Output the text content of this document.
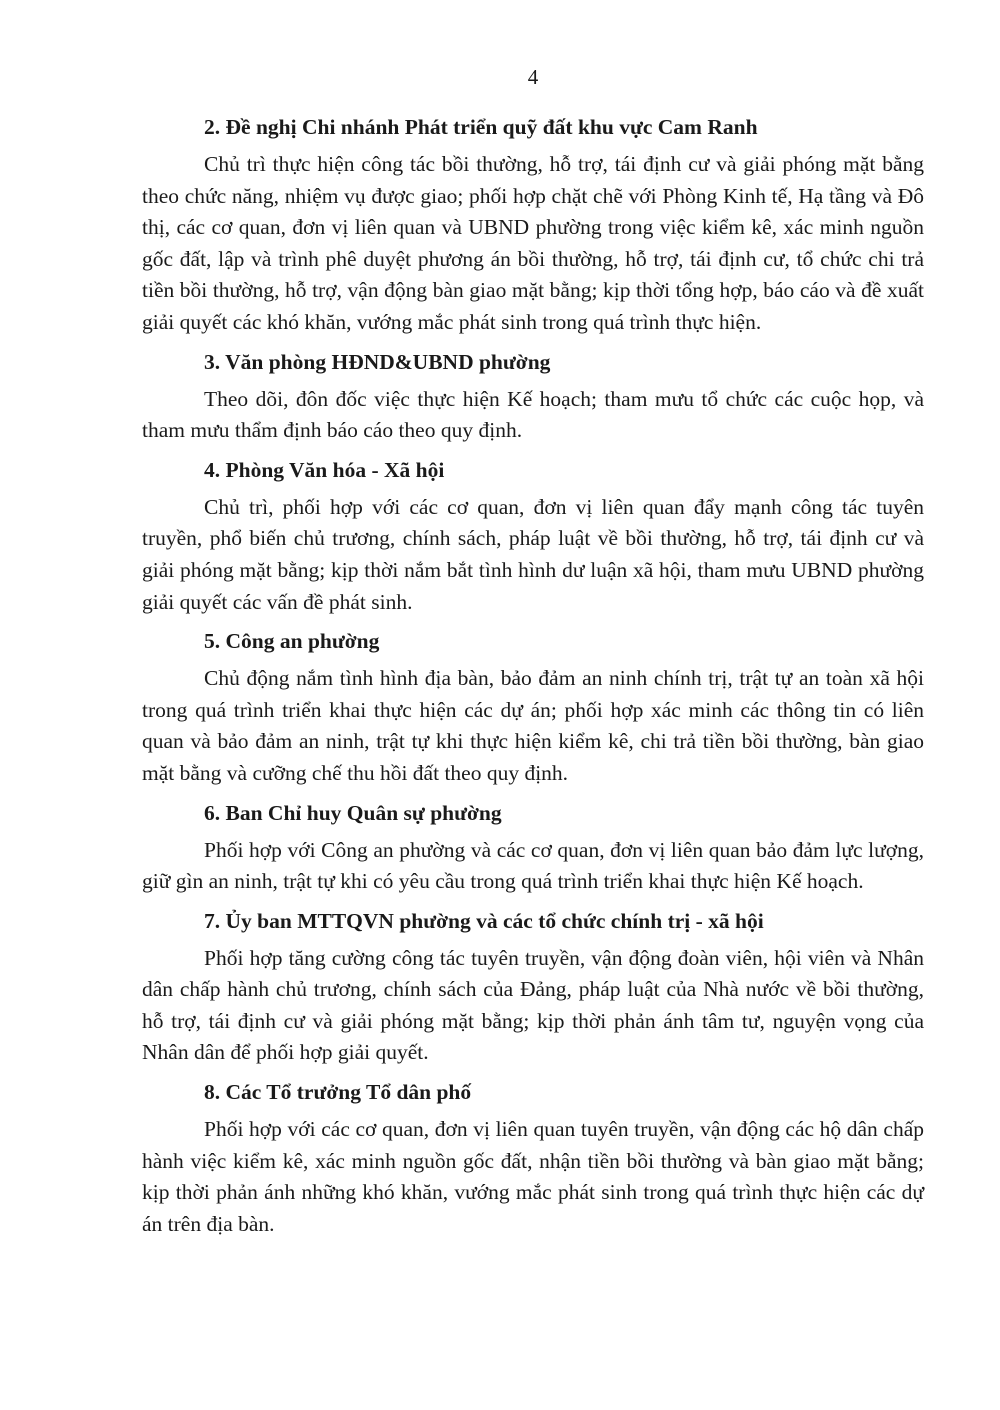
4
2. Đề nghị Chi nhánh Phát triển quỹ đất khu vực Cam Ranh

Chủ trì thực hiện công tác bồi thường, hỗ trợ, tái định cư và giải phóng mặt bằng theo chức năng, nhiệm vụ được giao; phối hợp chặt chẽ với Phòng Kinh tế, Hạ tầng và Đô thị, các cơ quan, đơn vị liên quan và UBND phường trong việc kiểm kê, xác minh nguồn gốc đất, lập và trình phê duyệt phương án bồi thường, hỗ trợ, tái định cư, tổ chức chi trả tiền bồi thường, hỗ trợ, vận động bàn giao mặt bằng; kịp thời tổng hợp, báo cáo và đề xuất giải quyết các khó khăn, vướng mắc phát sinh trong quá trình thực hiện.

3. Văn phòng HĐND&UBND phường

Theo dõi, đôn đốc việc thực hiện Kế hoạch; tham mưu tổ chức các cuộc họp, và tham mưu thẩm định báo cáo theo quy định.

4. Phòng Văn hóa - Xã hội

Chủ trì, phối hợp với các cơ quan, đơn vị liên quan đẩy mạnh công tác tuyên truyền, phổ biến chủ trương, chính sách, pháp luật về bồi thường, hỗ trợ, tái định cư và giải phóng mặt bằng; kịp thời nắm bắt tình hình dư luận xã hội, tham mưu UBND phường giải quyết các vấn đề phát sinh.

5. Công an phường

Chủ động nắm tình hình địa bàn, bảo đảm an ninh chính trị, trật tự an toàn xã hội trong quá trình triển khai thực hiện các dự án; phối hợp xác minh các thông tin có liên quan và bảo đảm an ninh, trật tự khi thực hiện kiểm kê, chi trả tiền bồi thường, bàn giao mặt bằng và cưỡng chế thu hồi đất theo quy định.

6. Ban Chỉ huy Quân sự phường

Phối hợp với Công an phường và các cơ quan, đơn vị liên quan bảo đảm lực lượng, giữ gìn an ninh, trật tự khi có yêu cầu trong quá trình triển khai thực hiện Kế hoạch.

7. Ủy ban MTTQVN phường và các tổ chức chính trị - xã hội

Phối hợp tăng cường công tác tuyên truyền, vận động đoàn viên, hội viên và Nhân dân chấp hành chủ trương, chính sách của Đảng, pháp luật của Nhà nước về bồi thường, hỗ trợ, tái định cư và giải phóng mặt bằng; kịp thời phản ánh tâm tư, nguyện vọng của Nhân dân để phối hợp giải quyết.

8. Các Tổ trưởng Tổ dân phố

Phối hợp với các cơ quan, đơn vị liên quan tuyên truyền, vận động các hộ dân chấp hành việc kiểm kê, xác minh nguồn gốc đất, nhận tiền bồi thường và bàn giao mặt bằng; kịp thời phản ánh những khó khăn, vướng mắc phát sinh trong quá trình thực hiện các dự án trên địa bàn.
